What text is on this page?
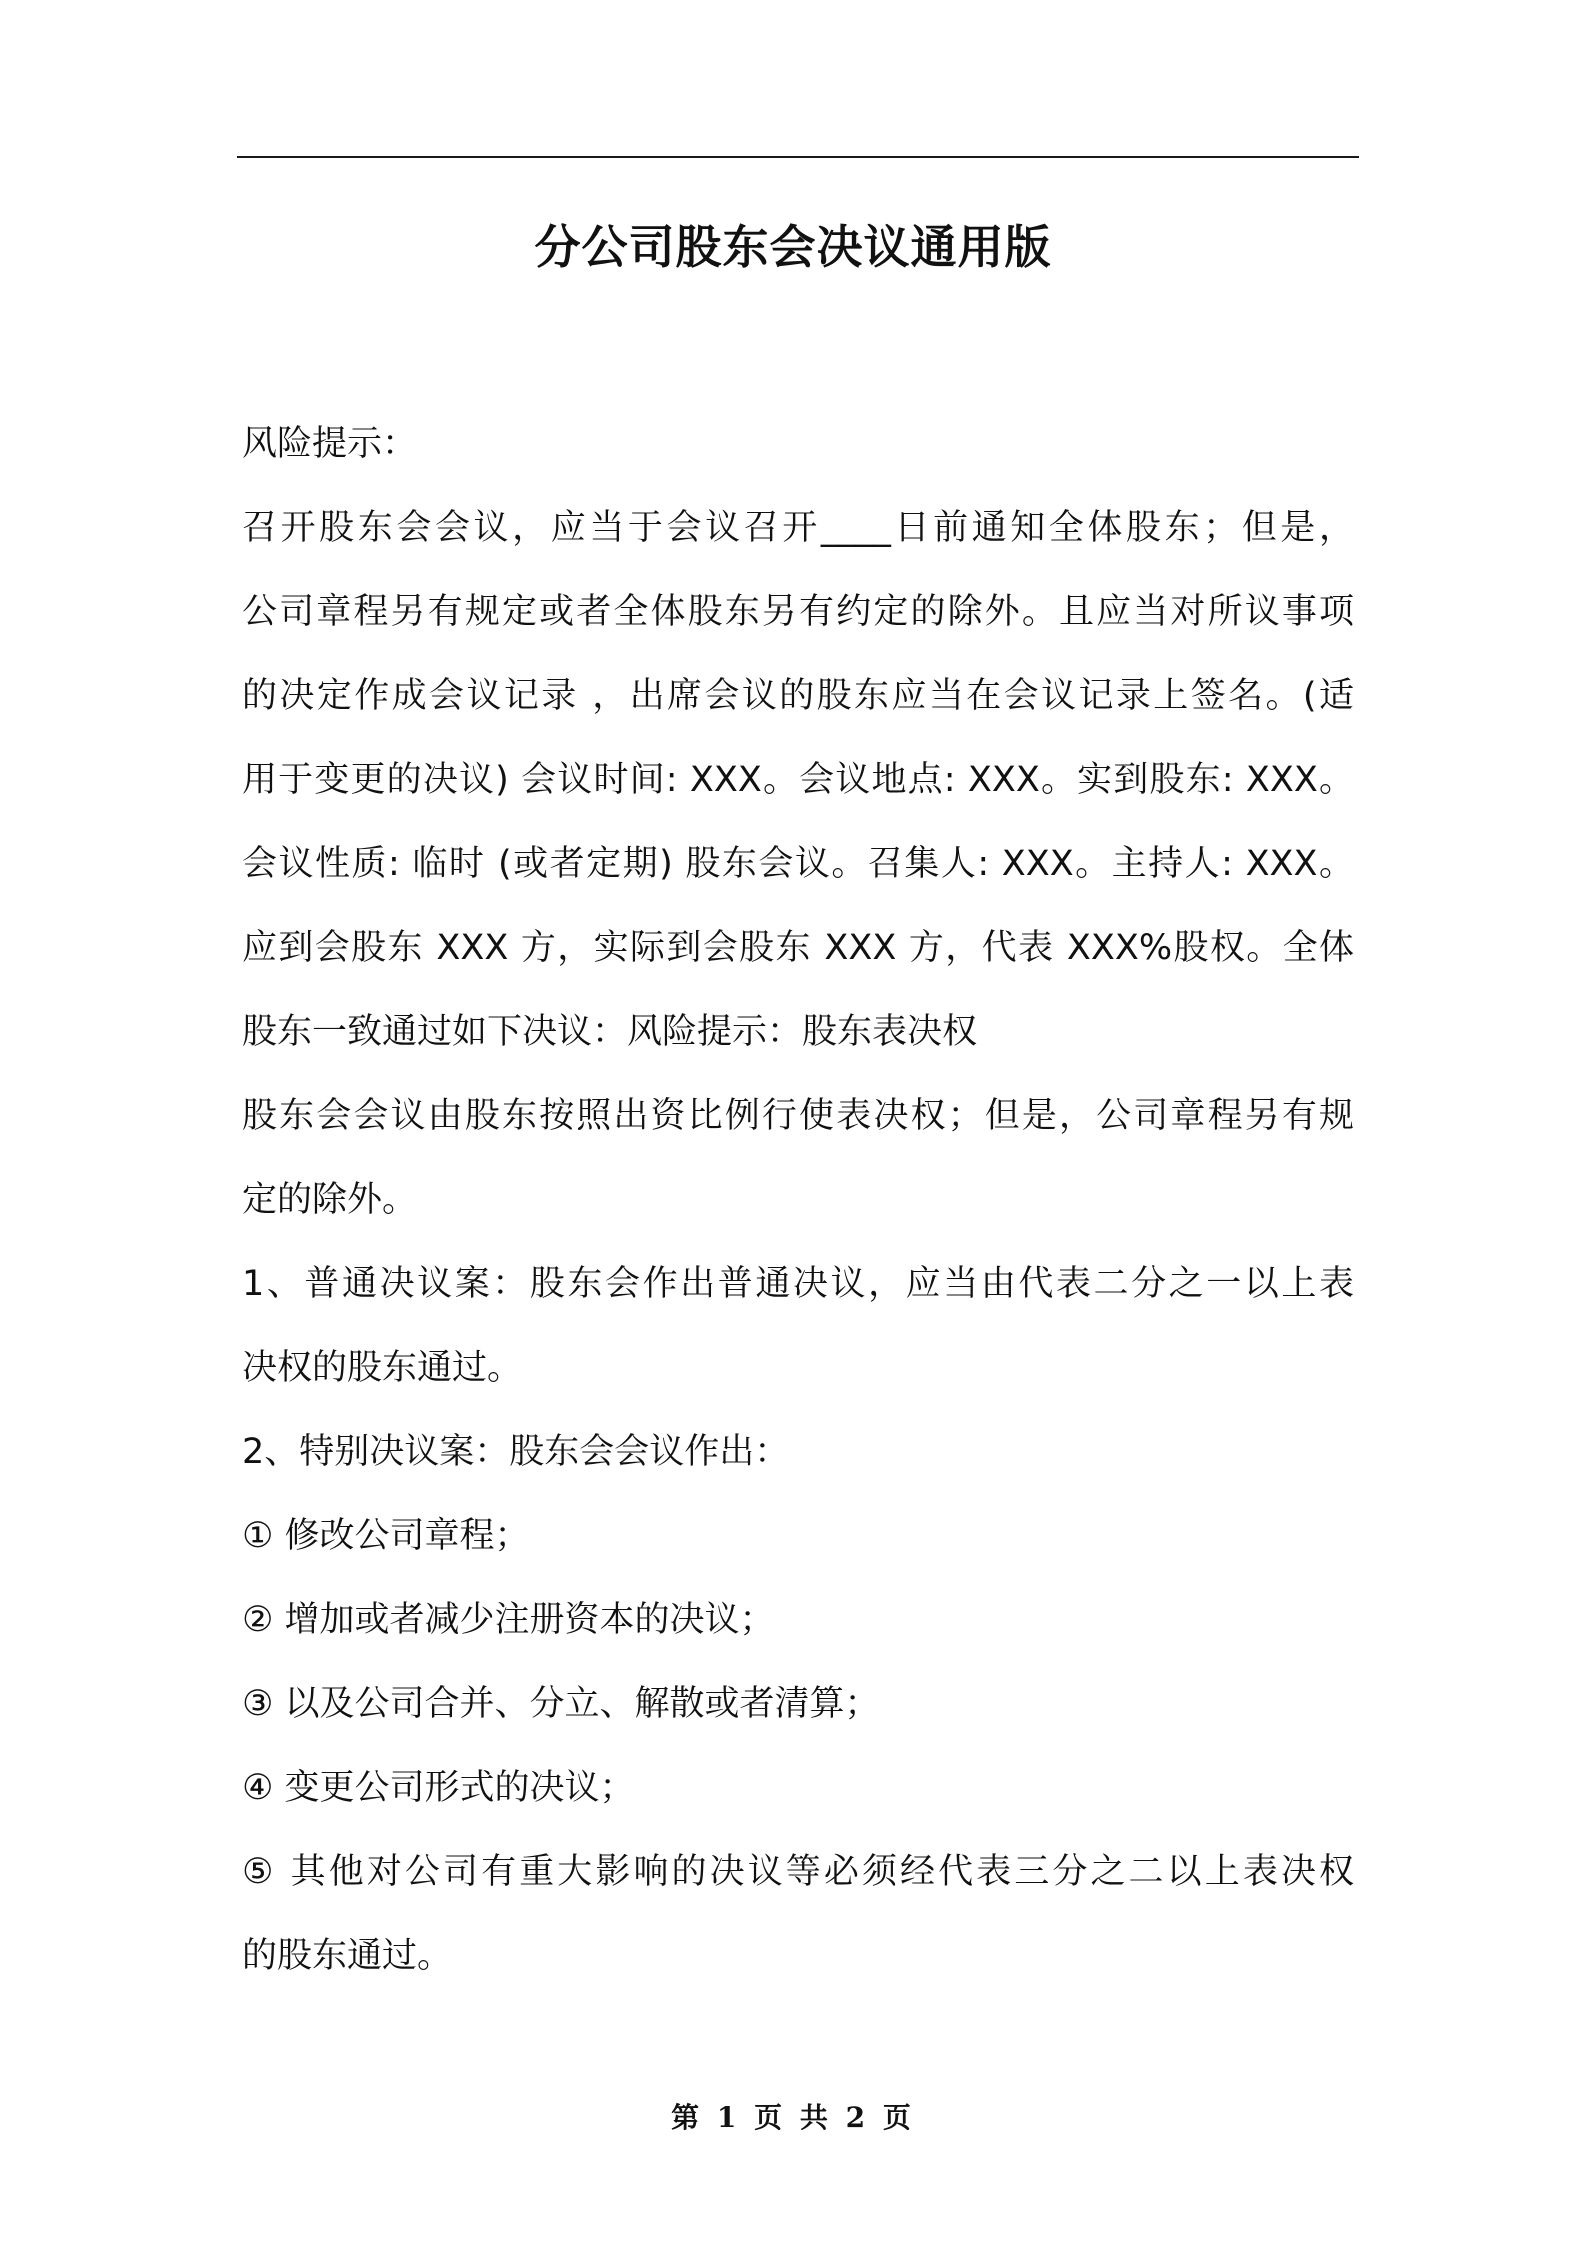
分公司股东会决议通用版
风险提示：
召开股东会会议，应当于会议召开____日前通知全体股东；但是，
公司章程另有规定或者全体股东另有约定的除外。且应当对所议事项
的决定作成会议记录 ，出席会议的股东应当在会议记录上签名。(适
用于变更的决议) 会议时间: XXX。会议地点: XXX。实到股东: XXX。
会议性质: 临时 (或者定期) 股东会议。召集人: XXX。主持人: XXX。
应到会股东 XXX 方，实际到会股东 XXX 方，代表 XXX%股权。全体
股东一致通过如下决议：风险提示：股东表决权
股东会会议由股东按照出资比例行使表决权；但是，公司章程另有规
定的除外。
1、普通决议案：股东会作出普通决议，应当由代表二分之一以上表
决权的股东通过。
2、特别决议案：股东会会议作出：
① 修改公司章程；
② 增加或者减少注册资本的决议；
③ 以及公司合并、分立、解散或者清算；
④ 变更公司形式的决议；
⑤ 其他对公司有重大影响的决议等必须经代表三分之二以上表决权
的股东通过。
第 1 页 共 2 页
